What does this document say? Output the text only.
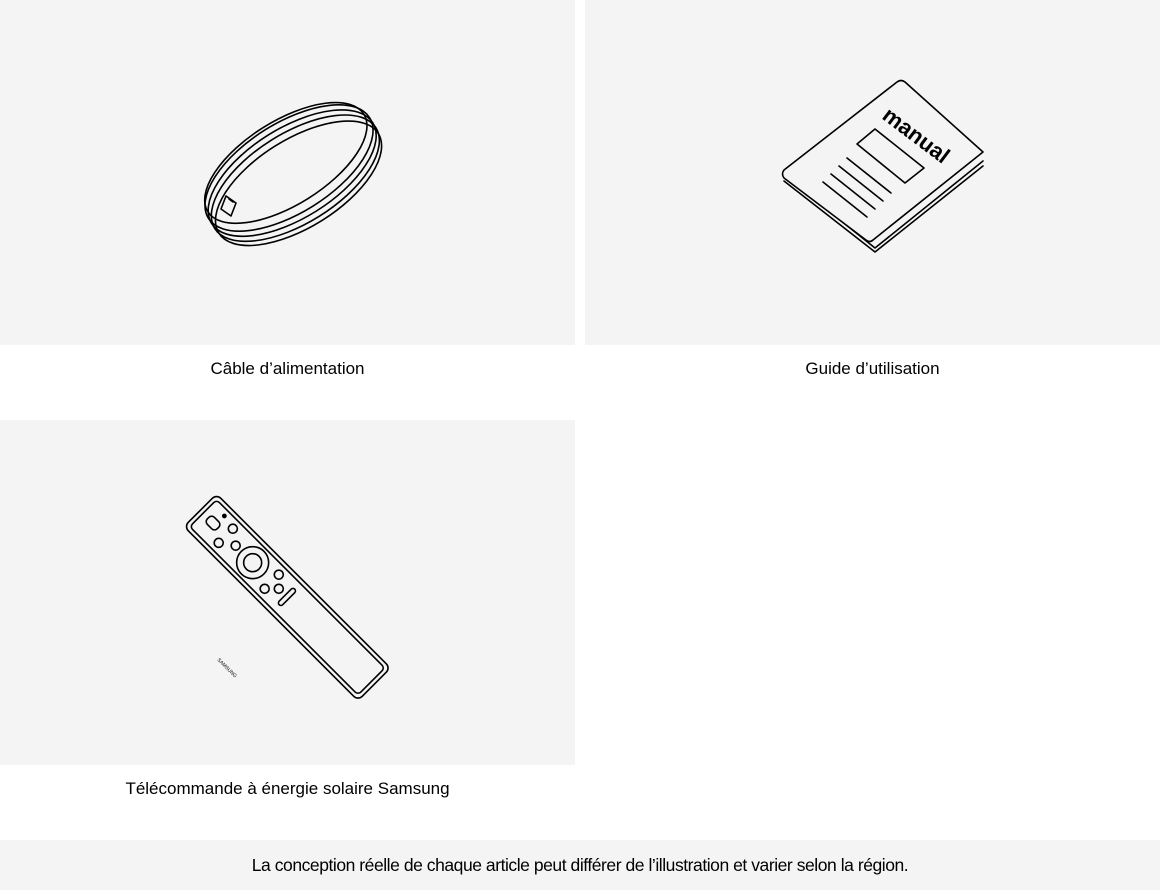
Câble d’alimentation
manual
Guide d’utilisation
SAMSUNG
Télécommande à énergie solaire Samsung
La conception réelle de chaque article peut différer de l’illustration et varier selon la région.
